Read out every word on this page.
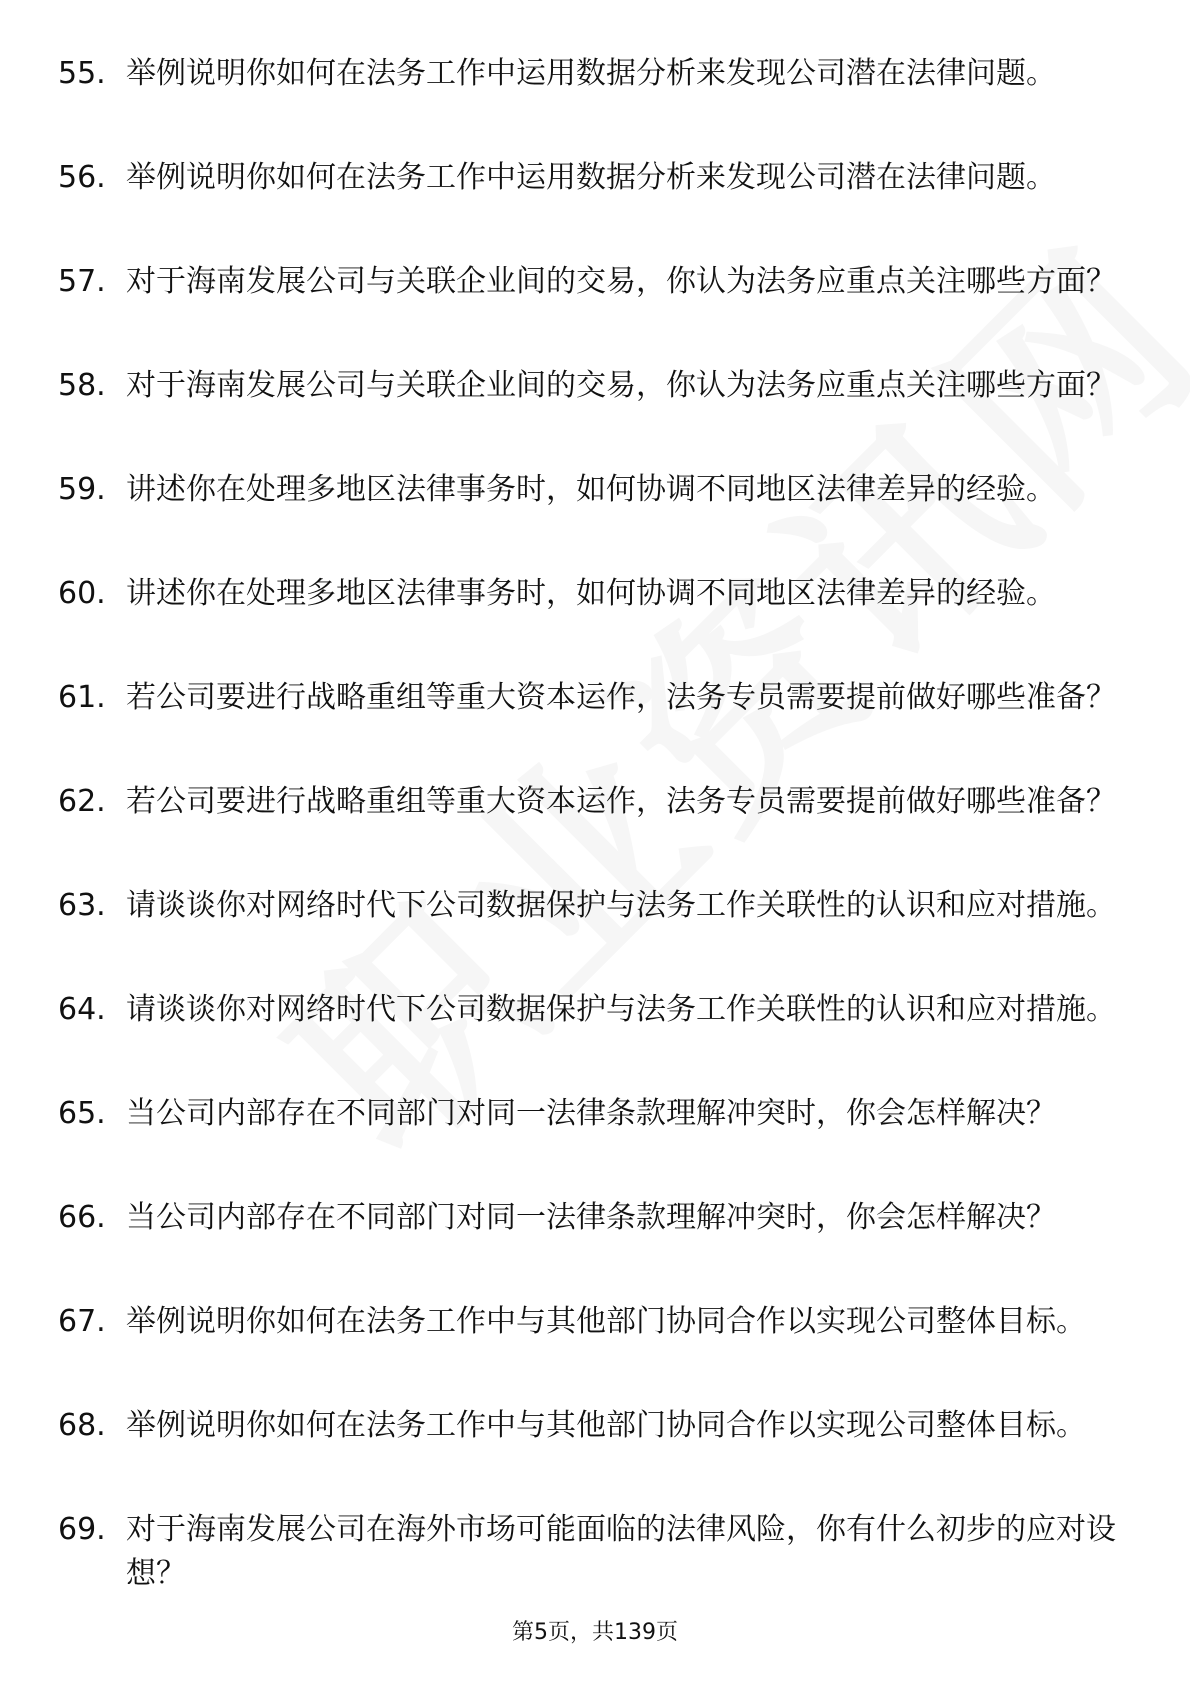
55. 举例说明你如何在法务工作中运用数据分析来发现公司潜在法律问题。
56. 举例说明你如何在法务工作中运用数据分析来发现公司潜在法律问题。
57. 对于海南发展公司与关联企业间的交易，你认为法务应重点关注哪些方面？
58. 对于海南发展公司与关联企业间的交易，你认为法务应重点关注哪些方面？
59. 讲述你在处理多地区法律事务时，如何协调不同地区法律差异的经验。
60. 讲述你在处理多地区法律事务时，如何协调不同地区法律差异的经验。
61. 若公司要进行战略重组等重大资本运作，法务专员需要提前做好哪些准备？
62. 若公司要进行战略重组等重大资本运作，法务专员需要提前做好哪些准备？
63. 请谈谈你对网络时代下公司数据保护与法务工作关联性的认识和应对措施。
64. 请谈谈你对网络时代下公司数据保护与法务工作关联性的认识和应对措施。
65. 当公司内部存在不同部门对同一法律条款理解冲突时，你会怎样解决？
66. 当公司内部存在不同部门对同一法律条款理解冲突时，你会怎样解决？
67. 举例说明你如何在法务工作中与其他部门协同合作以实现公司整体目标。
68. 举例说明你如何在法务工作中与其他部门协同合作以实现公司整体目标。
69. 对于海南发展公司在海外市场可能面临的法律风险，你有什么初步的应对设想？
第5页，共139页
